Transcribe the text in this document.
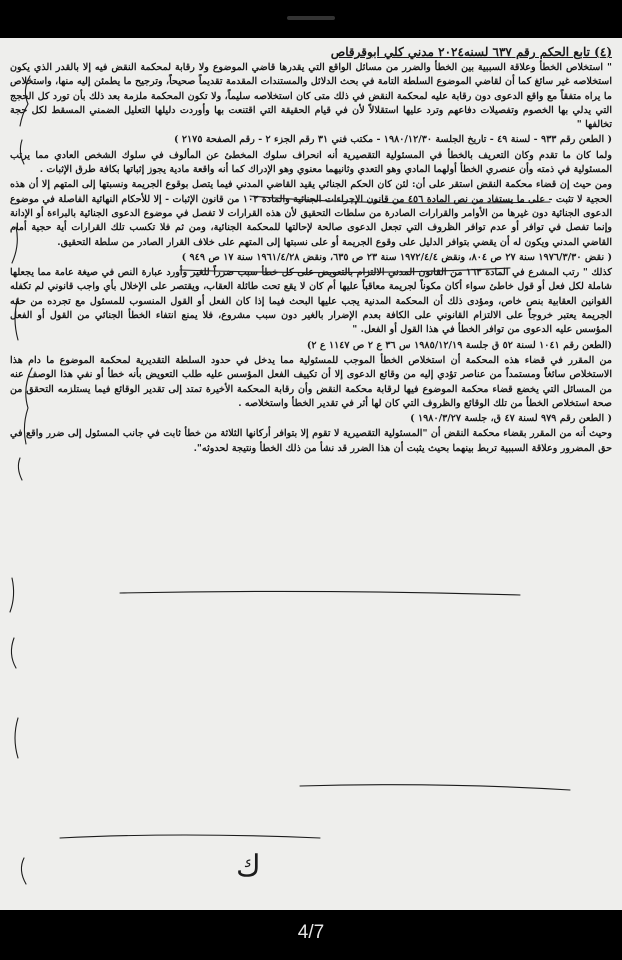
(٤) تابع الحكم رقم ٦٣٧ لسنه٢٠٢٤ مدني كلي ابوقرقاص

" استخلاص الخطأ وعلاقة السببية بين الخطأ والضرر من مسائل الواقع التي يقدرها قاضي الموضوع ولا رقابة لمحكمة النقض فيه إلا بالقدر الذي يكون استخلاصه غير سائغ كما أن لقاضي الموضوع السلطة التامة في بحث الدلائل والمستندات المقدمة تقديماً صحيحاً، وترجيح ما يطمئن إليه منها، واستخلاص ما يراه متفقاً مع واقع الدعوى دون رقابة عليه لمحكمة النقض في ذلك متى كان استخلاصه سليماً، ولا تكون المحكمة ملزمة بعد ذلك بأن تورد كل الحجج التي يدلي بها الخصوم وتفصيلات دفاعهم وترد عليها استقلالاً لأن في قيام الحقيقة التي اقتنعت بها وأوردت دليلها التعليل الضمني المسقط لكل حجة تخالفها "

( الطعن رقم ٩٣٣ - لسنة ٤٩ - تاريخ الجلسة ١٩٨٠/١٢/٣٠ - مكتب فني ٣١ رقم الجزء ٢ - رقم الصفحة ٢١٧٥ )

ولما كان ما تقدم وكان التعريف بالخطأ في المسئولية التقصيرية أنه انحراف سلوك المخطئ عن المألوف في سلوك الشخص العادي مما يرتب المسئولية في ذمته وأن عنصري الخطأ أولهما المادي وهو التعدي وثانيهما معنوي وهو الإدراك كما أنه واقعة مادية يجوز إثباتها بكافة طرق الإثبات .

ومن حيث إن قضاء محكمة النقض استقر على أن: لئن كان الحكم الجنائي يقيد القاضي المدني فيما يتصل بوقوع الجريمة ونسبتها إلى المتهم إلا أن هذه الحجية لا تثبت - على ما يستفاد من نص المادة ٤٥٦ من قانون الإجراءات الجنائية والمادة ١٠٢ من قانون الإثبات - إلا للأحكام النهائية الفاصلة في موضوع الدعوى الجنائية دون غيرها من الأوامر والقرارات الصادرة من سلطات التحقيق لأن هذه القرارات لا تفصل في موضوع الدعوى الجنائية بالبراءة أو الإدانة وإنما تفصل في توافر أو عدم توافر الظروف التي تجعل الدعوى صالحة لإحالتها للمحكمة الجنائية، ومن ثم فلا تكسب تلك القرارات أية حجية أمام القاضي المدني ويكون له أن يقضي بتوافر الدليل على وقوع الجريمة أو على نسبتها إلى المتهم على خلاف القرار الصادر من سلطة التحقيق.

( نقض ١٩٧٦/٣/٣٠ سنة ٢٧ ص ٨٠٤، ونقض ١٩٧٢/٤/٤ سنة ٢٣ ص ٦٣٥، ونقض ١٩٦١/٤/٢٨ سنة ١٧ ص ٩٤٩ )

كذلك " رتب المشرع في المادة ١٦٣ من القانون المدني الالتزام بالتعويض على كل خطأ سبب ضرراً للغير وأورد عبارة النص في صيغة عامة مما يجعلها شاملة لكل فعل أو قول خاطئ سواء أكان مكوناً لجريمة معاقباً عليها أم كان لا يقع تحت طائلة العقاب، ويقتصر على الإخلال بأي واجب قانوني لم تكفله القوانين العقابية بنص خاص، ومؤدى ذلك أن المحكمة المدنية يجب عليها البحث فيما إذا كان الفعل أو القول المنسوب للمسئول مع تجرده من حقه الجريمة يعتبر خروجاً على الالتزام القانوني على الكافة بعدم الإضرار بالغير دون سبب مشروع، فلا يمنع انتفاء الخطأ الجنائي من القول أو الفعل المؤسس عليه الدعوى من توافر الخطأ في هذا القول أو الفعل. "

(الطعن رقم ١٠٤١ لسنة ٥٢ ق جلسة ١٩٨٥/١٢/١٩ س ٣٦ ع ٢ ص ١١٤٧ ع ٢)

من المقرر في قضاء هذه المحكمة أن استخلاص الخطأ الموجب للمسئولية مما يدخل في حدود السلطة التقديرية لمحكمة الموضوع ما دام هذا الاستخلاص سائغاً ومستمداً من عناصر تؤدي إليه من وقائع الدعوى إلا أن تكييف الفعل المؤسس عليه طلب التعويض بأنه خطأ أو نفي هذا الوصف عنه من المسائل التي يخضع قضاء محكمة الموضوع فيها لرقابة محكمة النقض وأن رقابة المحكمة الأخيرة تمتد إلى تقدير الوقائع فيما يستلزمه التحقق من صحة استخلاص الخطأ من تلك الوقائع والظروف التي كان لها أثر في تقدير الخطأ واستخلاصه .

( الطعن رقم ٩٧٩ لسنة ٤٧ ق، جلسة ١٩٨٠/٣/٢٧ )

وحيث أنه من المقرر بقضاء محكمة النقض أن "المسئولية التقصيرية لا تقوم إلا بتوافر أركانها الثلاثة من خطأ ثابت في جانب المسئول إلى ضرر واقع في حق المضرور وعلاقة السببية تربط بينهما بحيث يثبت أن هذا الضرر قد نشأ من ذلك الخطأ ونتيجة لحدوثه".

ك
4/7
